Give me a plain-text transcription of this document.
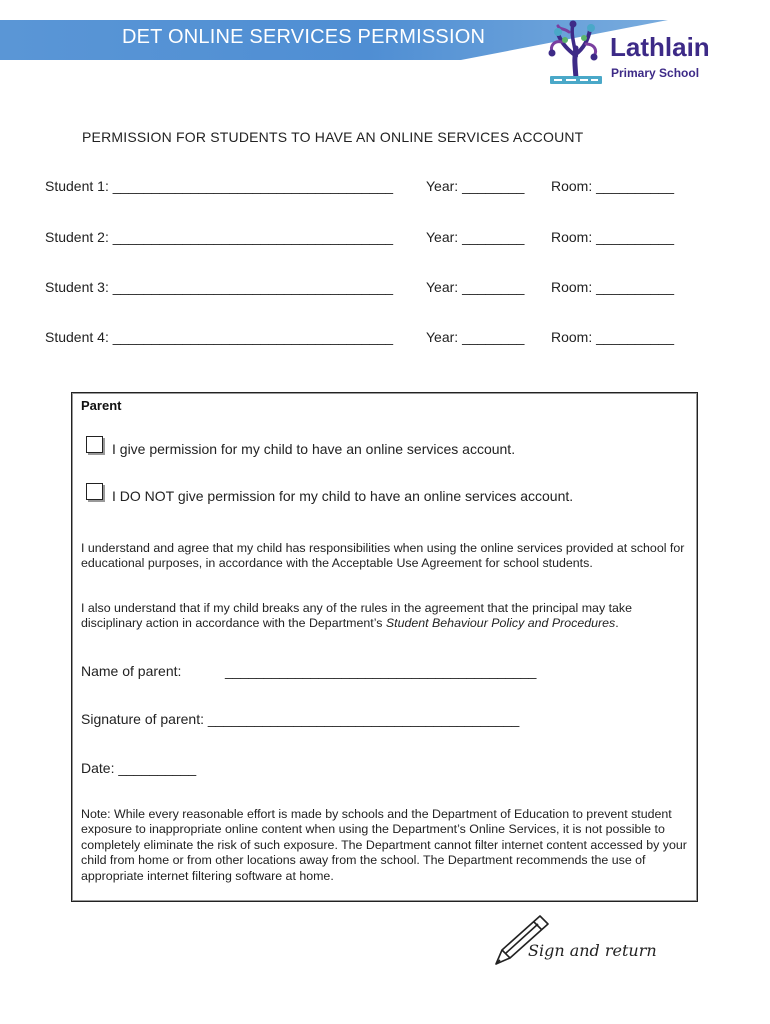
DET ONLINE SERVICES PERMISSION	Lathlain
Primary School
PERMISSION FOR STUDENTS TO HAVE AN ONLINE SERVICES ACCOUNT
Student 1: ____________________________________ Year: ________ Room: __________
Student 2: ____________________________________ Year: ________ Room: __________
Student 3: ____________________________________ Year: ________ Room: __________
Student 4: ____________________________________ Year: ________ Room: __________
Parent
I give permission for my child to have an online services account.
I DO NOT give permission for my child to have an online services account.

I understand and agree that my child has responsibilities when using the online services provided at school for educational purposes, in accordance with the Acceptable Use Agreement for school students.

I also understand that if my child breaks any of the rules in the agreement that the principal may take disciplinary action in accordance with the Department’s Student Behaviour Policy and Procedures.

Name of parent:	________________________________________
Signature of parent: ________________________________________
Date: __________

Note: While every reasonable effort is made by schools and the Department of Education to prevent student exposure to inappropriate online content when using the Department’s Online Services, it is not possible to completely eliminate the risk of such exposure. The Department cannot filter internet content accessed by your child from home or from other locations away from the school. The Department recommends the use of appropriate internet filtering software at home.

Sign and return
